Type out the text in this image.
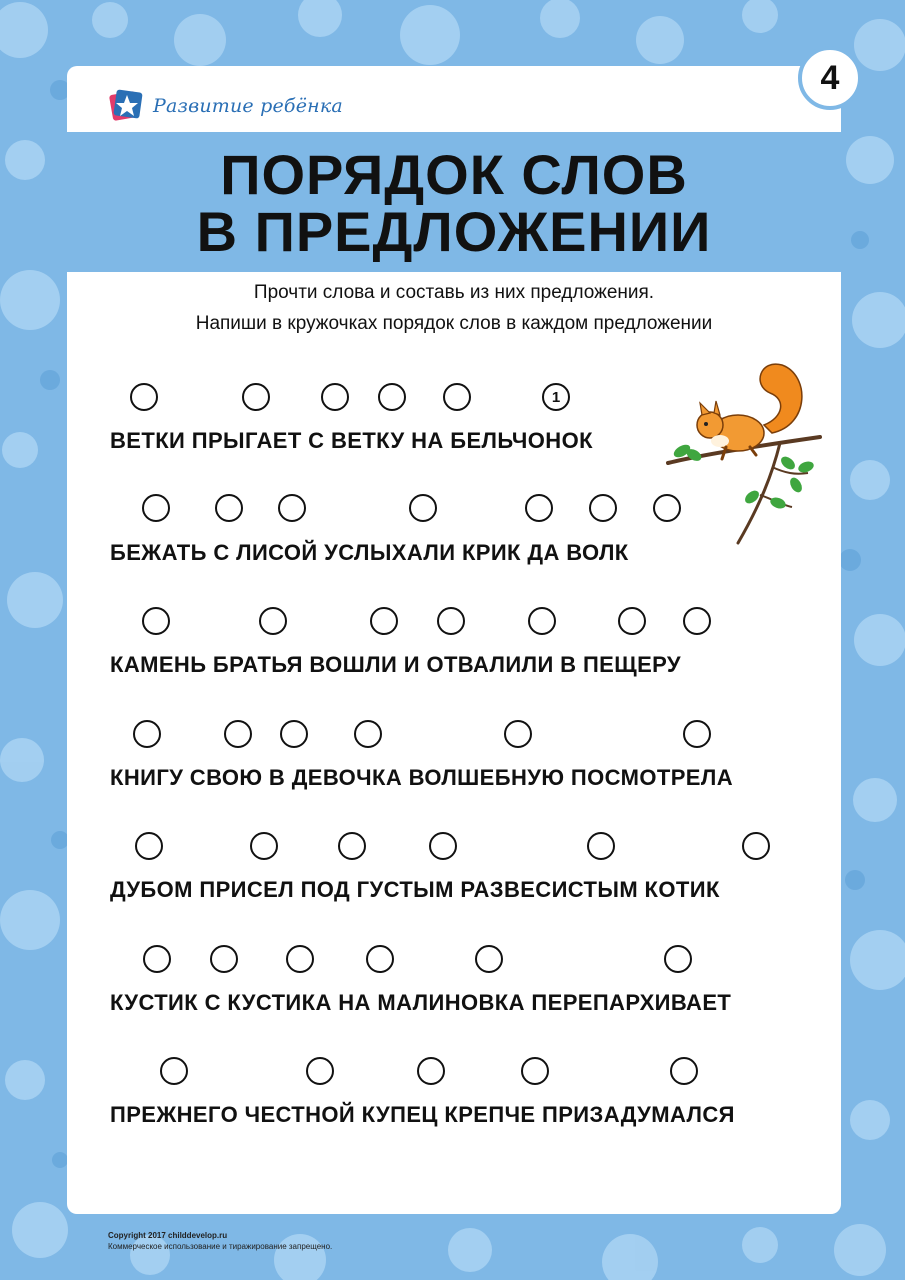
Развитие ребёнка
4
ПОРЯДОК СЛОВ
В ПРЕДЛОЖЕНИИ
Прочти слова и составь из них предложения.
Напиши в кружочках порядок слов в каждом предложении
1
ВЕТКИ ПРЫГАЕТ С ВЕТКУ НА БЕЛЬЧОНОК
БЕЖАТЬ С ЛИСОЙ УСЛЫХАЛИ КРИК ДА ВОЛК
КАМЕНЬ БРАТЬЯ ВОШЛИ И ОТВАЛИЛИ В ПЕЩЕРУ
КНИГУ СВОЮ В ДЕВОЧКА ВОЛШЕБНУЮ ПОСМОТРЕЛА
ДУБОМ ПРИСЕЛ ПОД ГУСТЫМ РАЗВЕСИСТЫМ КОТИК
КУСТИК С КУСТИКА НА МАЛИНОВКА ПЕРЕПАРХИВАЕТ
ПРЕЖНЕГО ЧЕСТНОЙ КУПЕЦ КРЕПЧЕ ПРИЗАДУМАЛСЯ
Copyright 2017 childdevelop.ru
Коммерческое использование и тиражирование запрещено.
